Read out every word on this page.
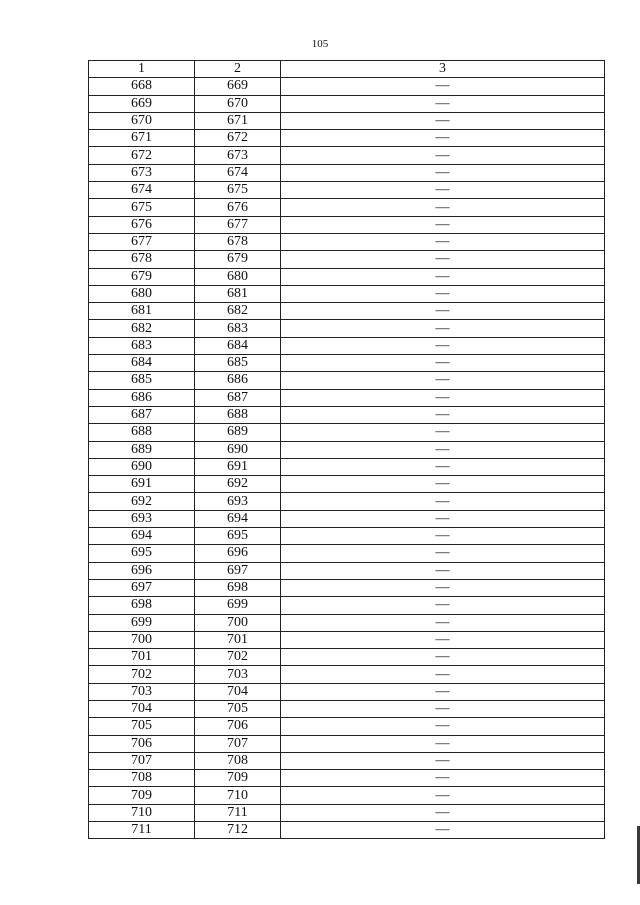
105
1	2	3
668	669	—
669	670	—
670	671	—
671	672	—
672	673	—
673	674	—
674	675	—
675	676	—
676	677	—
677	678	—
678	679	—
679	680	—
680	681	—
681	682	—
682	683	—
683	684	—
684	685	—
685	686	—
686	687	—
687	688	—
688	689	—
689	690	—
690	691	—
691	692	—
692	693	—
693	694	—
694	695	—
695	696	—
696	697	—
697	698	—
698	699	—
699	700	—
700	701	—
701	702	—
702	703	—
703	704	—
704	705	—
705	706	—
706	707	—
707	708	—
708	709	—
709	710	—
710	711	—
711	712	—
